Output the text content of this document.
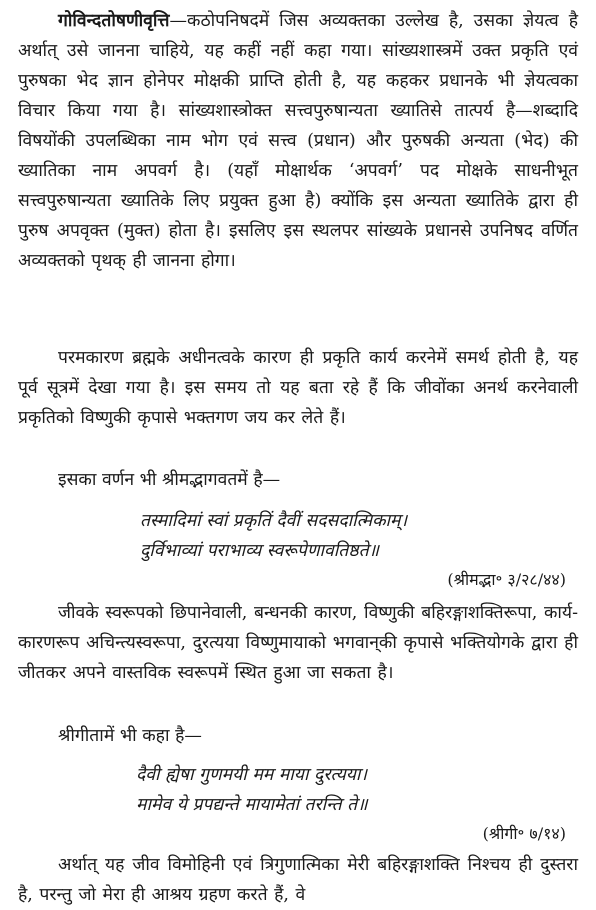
गोविन्दतोषणीवृत्ति—कठोपनिषदमें जिस अव्यक्तका उल्लेख है, उसका ज्ञेयत्व है अर्थात् उसे जानना चाहिये, यह कहीं नहीं कहा गया। सांख्यशास्त्रमें उक्त प्रकृति एवं पुरुषका भेद ज्ञान होनेपर मोक्षकी प्राप्ति होती है, यह कहकर प्रधानके भी ज्ञेयत्वका विचार किया गया है। सांख्यशास्त्रोक्त सत्त्वपुरुषान्यता ख्यातिसे तात्पर्य है—शब्दादि विषयोंकी उपलब्धिका नाम भोग एवं सत्त्व (प्रधान) और पुरुषकी अन्यता (भेद) की ख्यातिका नाम अपवर्ग है। (यहाँ मोक्षार्थक ‘अपवर्ग’ पद मोक्षके साधनीभूत सत्त्वपुरुषान्यता ख्यातिके लिए प्रयुक्त हुआ है) क्योंकि इस अन्यता ख्यातिके द्वारा ही पुरुष अपवृक्त (मुक्त) होता है। इसलिए इस स्थलपर सांख्यके प्रधानसे उपनिषद वर्णित अव्यक्तको पृथक् ही जानना होगा।

परमकारण ब्रह्मके अधीनत्वके कारण ही प्रकृति कार्य करनेमें समर्थ होती है, यह पूर्व सूत्रमें देखा गया है। इस समय तो यह बता रहे हैं कि जीवोंका अनर्थ करनेवाली प्रकृतिको विष्णुकी कृपासे भक्तगण जय कर लेते हैं।

इसका वर्णन भी श्रीमद्भागवतमें है—

तस्मादिमां स्वां प्रकृतिं दैवीं सदसदात्मिकाम्।

दुर्विभाव्यां पराभाव्य स्वरूपेणावतिष्ठते॥

(श्रीमद्भा॰ ३/२८/४४)

जीवके स्वरूपको छिपानेवाली, बन्धनकी कारण, विष्णुकी बहिरङ्गाशक्तिरूपा, कार्य-कारणरूप अचिन्त्यस्वरूपा, दुरत्यया विष्णुमायाको भगवान्‌की कृपासे भक्तियोगके द्वारा ही जीतकर अपने वास्तविक स्वरूपमें स्थित हुआ जा सकता है।

श्रीगीतामें भी कहा है—

दैवी ह्येषा गुणमयी मम माया दुरत्यया।

मामेव ये प्रपद्यन्ते मायामेतां तरन्ति ते॥

(श्रीगी॰ ७/१४)

अर्थात् यह जीव विमोहिनी एवं त्रिगुणात्मिका मेरी बहिरङ्गाशक्ति निश्चय ही दुस्तरा है, परन्तु जो मेरा ही आश्रय ग्रहण करते हैं, वे
